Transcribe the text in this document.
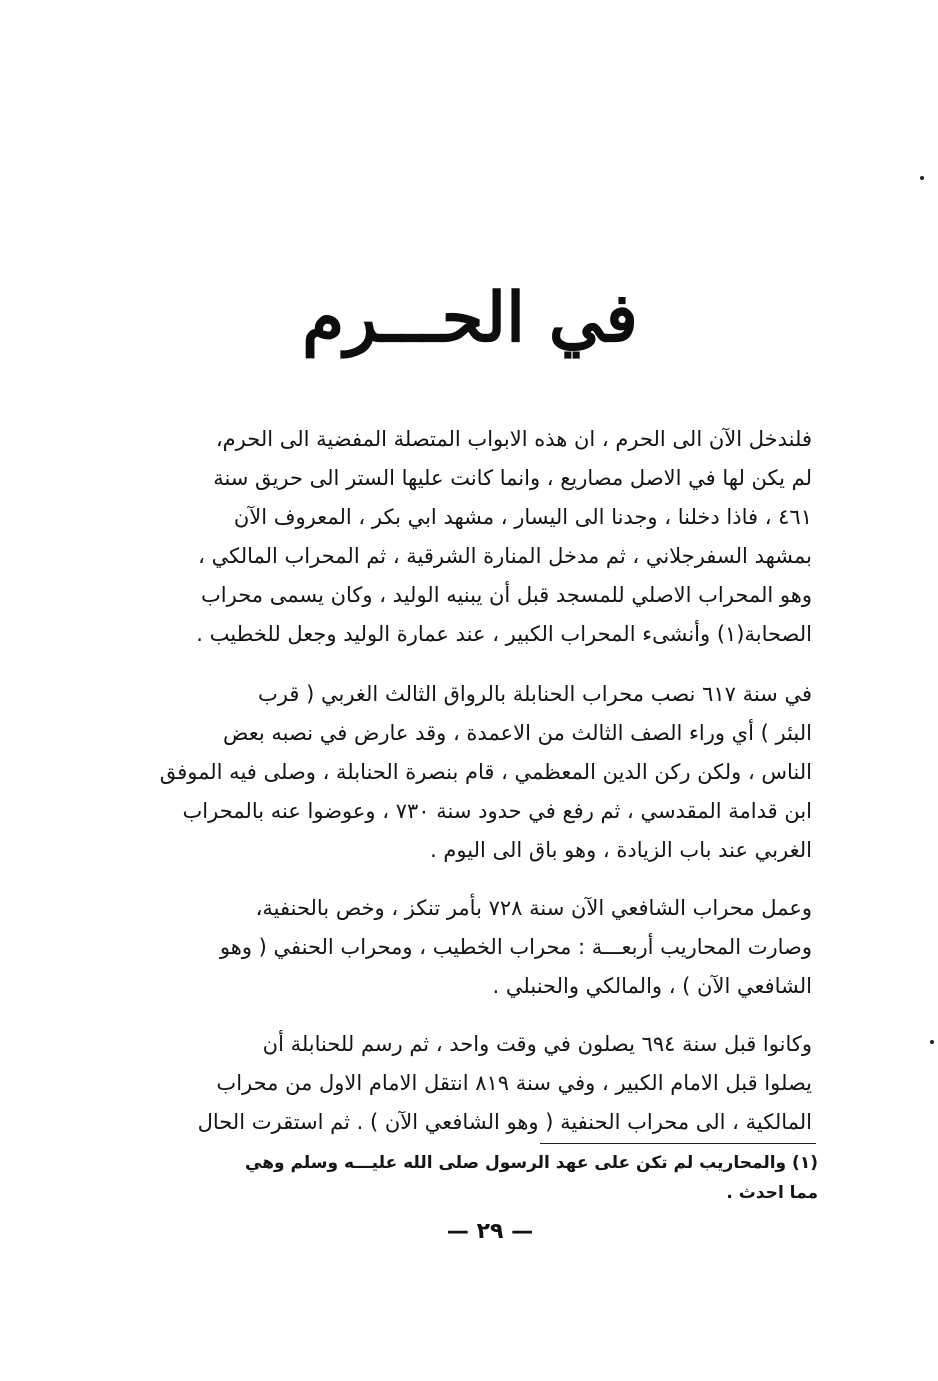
في الحـــرم
فلندخل الآن الى الحرم ، ان هذه الابواب المتصلة المفضية الى الحرم،
لم يكن لها في الاصل مصاريع ، وانما كانت عليها الستر الى حريق سنة
٤٦١ ، فاذا دخلنا ، وجدنا الى اليسار ، مشهد ابي بكر ، المعروف الآن
بمشهد السفرجلاني ، ثم مدخل المنارة الشرقية ، ثم المحراب المالكي ،
وهو المحراب الاصلي للمسجد قبل أن يبنيه الوليد ، وكان يسمى محراب
الصحابة(١) وأنشىء المحراب الكبير ، عند عمارة الوليد وجعل للخطيب .
في سنة ٦١٧ نصب محراب الحنابلة بالرواق الثالث الغربي ( قرب
البئر ) أي وراء الصف الثالث من الاعمدة ، وقد عارض في نصبه بعض
الناس ، ولكن ركن الدين المعظمي ، قام بنصرة الحنابلة ، وصلى فيه الموفق
ابن قدامة المقدسي ، ثم رفع في حدود سنة ٧٣٠ ، وعوضوا عنه بالمحراب
الغربي عند باب الزيادة ، وهو باق الى اليوم .
وعمل محراب الشافعي الآن سنة ٧٢٨ بأمر تنكز ، وخص بالحنفية،
وصارت المحاريب أربعـــة : محراب الخطيب ، ومحراب الحنفي ( وهو
الشافعي الآن ) ، والمالكي والحنبلي .
وكانوا قبل سنة ٦٩٤ يصلون في وقت واحد ، ثم رسم للحنابلة أن
يصلوا قبل الامام الكبير ، وفي سنة ٨١٩ انتقل الامام الاول من محراب
المالكية ، الى محراب الحنفية ( وهو الشافعي الآن ) . ثم استقرت الحال
(١) والمحاريب لم تكن على عهد الرسول صلى الله عليـــه وسلم وهي
مما احدث .
— ٢٩ —
